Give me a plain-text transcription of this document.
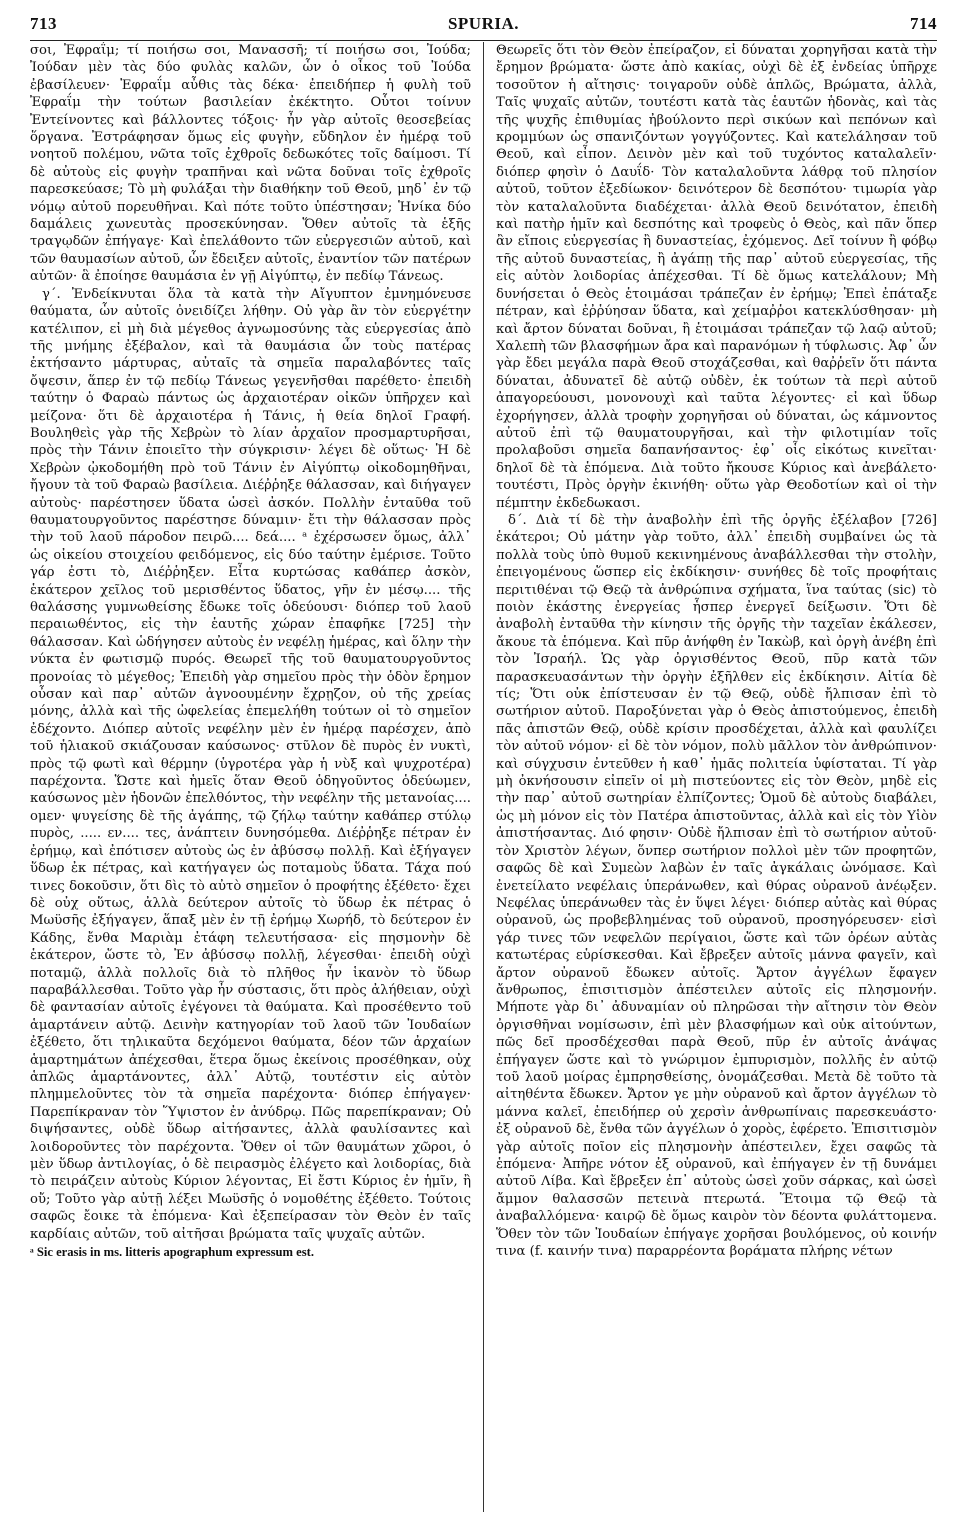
713	SPURIA.	714

σοι, Ἐφραΐμ; τί ποιήσω σοι, Μανασσῆ; τί ποιήσω σοι, Ἰούδα; Ἰούδαν μὲν τὰς δύο φυλὰς καλῶν, ὧν ὁ οἶκος τοῦ Ἰούδα ἐβασίλευεν· Ἐφραΐμ αὖθις τὰς δέκα· ἐπειδήπερ ἡ φυλὴ τοῦ Ἐφραΐμ τὴν τούτων βασιλείαν ἐκέκτητο. Οὗτοι τοίνυν Ἐντείνοντες καὶ βάλλοντες τόξοις· ἦν γὰρ αὐτοῖς θεοσεβείας ὅργανα. Ἐστράφησαν ὅμως εἰς φυγὴν, εὔδηλον ἐν ἡμέρᾳ τοῦ νοητοῦ πολέμου, νῶτα τοῖς ἐχθροῖς δεδωκότες τοῖς δαίμοσι. Τί δὲ αὐτοὺς εἰς φυγὴν τραπῆναι καὶ νῶτα δοῦναι τοῖς ἐχθροῖς παρεσκεύασε; Τὸ μὴ φυλάξαι τὴν διαθήκην τοῦ Θεοῦ, μηδ᾽ ἐν τῷ νόμῳ αὐτοῦ πορευθῆναι. Καὶ πότε τοῦτο ὑπέστησαν; Ἡνίκα δύο δαμάλεις χωνευτὰς προσεκύνησαν. Ὅθεν αὐτοῖς τὰ ἑξῆς τραγῳδῶν ἐπήγαγε· Καὶ ἐπελάθοντο τῶν εὐεργεσιῶν αὐτοῦ, καὶ τῶν θαυμασίων αὐτοῦ, ὧν ἔδειξεν αὐτοῖς, ἐναντίον τῶν πατέρων αὐτῶν· ἃ ἐποίησε θαυμάσια ἐν γῇ Αἰγύπτῳ, ἐν πεδίῳ Τάνεως.

γ΄. Ἐνδείκνυται ὅλα τὰ κατὰ τὴν Αἴγυπτον ἐμνημόνευσε θαύματα, ὧν αὐτοῖς ὀνειδίζει λήθην. Οὐ γὰρ ἂν τὸν εὐεργέτην κατέλιπον, εἰ μὴ διὰ μέγεθος ἀγνωμοσύνης τὰς εὐεργεσίας ἀπὸ τῆς μνήμης ἐξέβαλον, καὶ τὰ θαυμάσια ὧν τοὺς πατέρας ἐκτήσαντο μάρτυρας, αὐταῖς τὰ σημεῖα παραλαβόντες ταῖς ὄψεσιν, ἅπερ ἐν τῷ πεδίῳ Τάνεως γεγενῆσθαι παρέθετο· ἐπειδὴ ταύτην ὁ Φαραὼ πάντως ὡς ἀρχαιοτέραν οἰκῶν ὑπῆρχεν καὶ μείζονα· ὅτι δὲ ἀρχαιοτέρα ἡ Τάνις, ἡ θεία δηλοῖ Γραφή. Βουληθεὶς γὰρ τῆς Χεβρὼν τὸ λίαν ἀρχαῖον προσμαρτυρῆσαι, πρὸς τὴν Τάνιν ἐποιεῖτο τὴν σύγκρισιν· λέγει δὲ οὕτως· Ἡ δὲ Χεβρὼν ᾠκοδομήθη πρὸ τοῦ Τάνιν ἐν Αἰγύπτῳ οἰκοδομηθῆναι, ἤγουν τὰ τοῦ Φαραὼ βασίλεια. Διέῤῥηξε θάλασσαν, καὶ διήγαγεν αὐτοὺς· παρέστησεν ὕδατα ὡσεὶ ἀσκόν. Πολλὴν ἐνταῦθα τοῦ θαυματουργοῦντος παρέστησε δύναμιν· ἔτι τὴν θάλασσαν πρὸς τὴν τοῦ λαοῦ πάροδον πειρῶ.... δεά.... ᵃ ἐχέρσωσεν ὅμως, ἀλλ᾽ ὡς οἰκείου στοιχείου φειδόμενος, εἰς δύο ταύτην ἐμέρισε. Τοῦτο γάρ ἐστι τὸ, Διέῤῥηξεν. Εἶτα κυρτώσας καθάπερ ἀσκὸν, ἑκάτερον χεῖλος τοῦ μερισθέντος ὕδατος, γῆν ἐν μέσῳ.... τῆς θαλάσσης γυμνωθείσης ἔδωκε τοῖς ὁδεύουσι· διόπερ τοῦ λαοῦ περαιωθέντος, εἰς τὴν ἑαυτῆς χώραν ἐπαφῆκε [725] τὴν θάλασσαν. Καὶ ὡδήγησεν αὐτοὺς ἐν νεφέλῃ ἡμέρας, καὶ ὅλην τὴν νύκτα ἐν φωτισμῷ πυρός. Θεωρεῖ τῆς τοῦ θαυματουργοῦντος προνοίας τὸ μέγεθος; Ἐπειδὴ γὰρ σημεῖου πρὸς τὴν ὁδὸν ἔρημον οὖσαν καὶ παρ᾽ αὐτῶν ἀγνοουμένην ἔχρῃζον, οὐ τῆς χρείας μόνης, ἀλλὰ καὶ τῆς ὠφελείας ἐπεμελήθη τούτων οἱ τὸ σημεῖον ἐδέχοντο. Διόπερ αὐτοῖς νεφέλην μὲν ἐν ἡμέρᾳ παρέσχεν, ἀπὸ τοῦ ἡλιακοῦ σκιάζουσαν καύσωνος· στῦλον δὲ πυρὸς ἐν νυκτὶ, πρὸς τῷ φωτὶ καὶ θέρμην (ὑγροτέρα γὰρ ἡ νὺξ καὶ ψυχροτέρα) παρέχοντα. Ὥστε καὶ ἡμεῖς ὅταν Θεοῦ ὁδηγοῦντος ὁδεύωμεν, καύσωνος μὲν ἡδονῶν ἐπελθόντος, τὴν νεφέλην τῆς μετανοίας.... ομεν· ψυγείσης δὲ τῆς ἀγάπης, τῷ ζήλῳ ταύτην καθάπερ στύλῳ πυρὸς, ..... εν.... τες, ἀνάπτειν δυνησόμεθα. Διέῤῥηξε πέτραν ἐν ἐρήμῳ, καὶ ἐπότισεν αὐτοὺς ὡς ἐν ἀβύσσῳ πολλῇ. Καὶ ἐξήγαγεν ὕδωρ ἐκ πέτρας, καὶ κατήγαγεν ὡς ποταμοὺς ὕδατα. Τάχα πού τινες δοκοῦσιν, ὅτι δὶς τὸ αὐτὸ σημεῖον ὁ προφήτης ἐξέθετο· ἔχει δὲ οὐχ οὕτως, ἀλλὰ δεύτερον αὐτοῖς τὸ ὕδωρ ἐκ πέτρας ὁ Μωϋσῆς ἐξήγαγεν, ἅπαξ μὲν ἐν τῇ ἐρήμῳ Χωρήδ, τὸ δεύτερον ἐν Κάδης, ἔνθα Μαριὰμ ἐτάφη τελευτήσασα· εἰς πησμονὴν δὲ ἑκάτερον, ὥστε τὸ, Ἐν ἀβύσσῳ πολλῇ, λέγεσθαι· ἐπειδὴ οὐχὶ ποταμῷ, ἀλλὰ πολλοῖς διὰ τὸ πλῆθος ἦν ἱκανὸν τὸ ὕδωρ παραβάλλεσθαι. Τοῦτο γὰρ ἦν σύστασις, ὅτι πρὸς ἀλήθειαν, οὐχὶ δὲ φαντασίαν αὐτοῖς ἐγέγονει τὰ θαύματα. Καὶ προσέθεντο τοῦ ἁμαρτάνειν αὐτῷ. Δεινὴν κατηγορίαν τοῦ λαοῦ τῶν Ἰουδαίων ἐξέθετο, ὅτι τηλικαῦτα δεχόμενοι θαύματα, δέον τῶν ἀρχαίων ἁμαρτημάτων ἀπέχεσθαι, ἕτερα ὅμως ἐκείνοις προσέθηκαν, οὐχ ἁπλῶς ἁμαρτάνοντες, ἀλλ᾽ Αὐτῷ, τουτέστιν εἰς αὐτὸν πλημμελοῦντες τὸν τὰ σημεῖα παρέχοντα· διόπερ ἐπήγαγεν· Παρεπίκραναν τὸν Ὕψιστον ἐν ἀνύδρῳ. Πῶς παρεπίκραναν; Οὐ διψήσαντες, οὐδὲ ὕδωρ αἰτήσαντες, ἀλλὰ φαυλίσαντες καὶ λοιδοροῦντες τὸν παρέχοντα. Ὅθεν οἱ τῶν θαυμάτων χῶροι, ὁ μὲν ὕδωρ ἀντιλογίας, ὁ δὲ πειρασμὸς ἐλέγετο καὶ λοιδορίας, διὰ τὸ πειράζειν αὐτοὺς Κύριον λέγοντας, Εἰ ἔστι Κύριος ἐν ἡμῖν, ἢ οὔ; Τοῦτο γὰρ αὐτῇ λέξει Μωϋσῆς ὁ νομοθέτης ἐξέθετο. Τούτοις σαφῶς ἔοικε τὰ ἑπόμενα· Καὶ ἐξεπείρασαν τὸν Θεὸν ἐν ταῖς καρδίαις αὐτῶν, τοῦ αἰτῆσαι βρώματα ταῖς ψυχαῖς αὐτῶν.

ᵃ Sic erasis in ms. litteris apographum expressum est.

Θεωρεῖς ὅτι τὸν Θεὸν ἐπείραζον, εἰ δύναται χορηγῆσαι κατὰ τὴν ἔρημον βρώματα· ὥστε ἀπὸ κακίας, οὐχὶ δὲ ἐξ ἐνδείας ὑπῆρχε τοσοῦτον ἡ αἴτησις· τοιγαροῦν οὐδὲ ἁπλῶς, Βρώματα, ἀλλὰ, Ταῖς ψυχαῖς αὐτῶν, τουτέστι κατὰ τὰς ἑαυτῶν ἡδονὰς, καὶ τὰς τῆς ψυχῆς ἐπιθυμίας ἠβούλοντο περὶ σικύων καὶ πεπόνων καὶ κρομμύων ὡς σπανιζόντων γογγύζοντες. Καὶ κατελάλησαν τοῦ Θεοῦ, καὶ εἶπον. Δεινὸν μὲν καὶ τοῦ τυχόντος καταλαλεῖν· διόπερ φησὶν ὁ Δαυΐδ· Τὸν καταλαλοῦντα λάθρᾳ τοῦ πλησίον αὐτοῦ, τοῦτον ἐξεδίωκον· δεινότερον δὲ δεσπότου· τιμωρία γὰρ τὸν καταλαλοῦντα διαδέχεται· ἀλλὰ Θεοῦ δεινότατον, ἐπειδὴ καὶ πατὴρ ἡμῖν καὶ δεσπότης καὶ τροφεὺς ὁ Θεὸς, καὶ πᾶν ὅπερ ἂν εἴποις εὐεργεσίας ἢ δυναστείας, ἐχόμενος. Δεῖ τοίνυν ἢ φόβῳ τῆς αὐτοῦ δυναστείας, ἢ ἀγάπῃ τῆς παρ᾽ αὐτοῦ εὐεργεσίας, τῆς εἰς αὐτὸν λοιδορίας ἀπέχεσθαι. Τί δὲ ὅμως κατελάλουν; Μὴ δυνήσεται ὁ Θεὸς ἑτοιμάσαι τράπεζαν ἐν ἐρήμῳ; Ἐπεὶ ἐπάταξε πέτραν, καὶ ἐῤῥύησαν ὕδατα, καὶ χείμαῤῥοι κατεκλύσθησαν· μὴ καὶ ἄρτον δύναται δοῦναι, ἢ ἑτοιμάσαι τράπεζαν τῷ λαῷ αὐτοῦ; Χαλεπὴ τῶν βλασφήμων ἄρα καὶ παρανόμων ἡ τύφλωσις. Ἀφ᾽ ὧν γὰρ ἔδει μεγάλα παρὰ Θεοῦ στοχάζεσθαι, καὶ θαῤῥεῖν ὅτι πάντα δύναται, ἀδυνατεῖ δὲ αὐτῷ οὐδὲν, ἐκ τούτων τὰ περὶ αὐτοῦ ἀπαγορεύουσι, μονονουχὶ καὶ ταῦτα λέγοντες· εἰ καὶ ὕδωρ ἐχορήγησεν, ἀλλὰ τροφὴν χορηγῆσαι οὐ δύναται, ὡς κάμνοντος αὐτοῦ ἐπὶ τῷ θαυματουργῆσαι, καὶ τὴν φιλοτιμίαν τοῖς προλαβοῦσι σημεῖα δαπανήσαντος· ἐφ᾽ οἷς εἰκότως κινεῖται· δηλοῖ δὲ τὰ ἑπόμενα. Διὰ τοῦτο ἤκουσε Κύριος καὶ ἀνεβάλετο· τουτέστι, Πρὸς ὀργὴν ἐκινήθη· οὕτω γὰρ Θεοδοτίων καὶ οἱ τὴν πέμπτην ἐκδεδωκασι.

δ΄. Διὰ τί δὲ τὴν ἀναβολὴν ἐπὶ τῆς ὀργῆς ἐξέλαβον [726] ἑκάτεροι; Οὐ μάτην γὰρ τοῦτο, ἀλλ᾽ ἐπειδὴ συμβαίνει ὡς τὰ πολλὰ τοὺς ὑπὸ θυμοῦ κεκινημένους ἀναβάλλεσθαι τὴν στολὴν, ἐπειγομένους ὥσπερ εἰς ἐκδίκησιν· συνήθες δὲ τοῖς προφήταις περιτιθέναι τῷ Θεῷ τὰ ἀνθρώπινα σχήματα, ἵνα ταύτας (sic) τὸ ποιὸν ἑκάστης ἐνεργείας ἧσπερ ἐνεργεῖ δείξωσιν. Ὅτι δὲ ἀναβολὴ ἐνταῦθα τὴν κίνησιν τῆς ὀργῆς τὴν ταχεῖαν ἐκάλεσεν, ἄκουε τὰ ἑπόμενα. Καὶ πῦρ ἀνήφθη ἐν Ἰακὼβ, καὶ ὀργὴ ἀνέβη ἐπὶ τὸν Ἰσραήλ. Ὡς γὰρ ὀργισθέντος Θεοῦ, πῦρ κατὰ τῶν παρασκευασάντων τὴν ὀργὴν ἐξῆλθεν εἰς ἐκδίκησιν. Αἰτία δὲ τίς; Ὅτι οὐκ ἐπίστευσαν ἐν τῷ Θεῷ, οὐδὲ ἤλπισαν ἐπὶ τὸ σωτήριον αὐτοῦ. Παροξύνεται γὰρ ὁ Θεὸς ἀπιστούμενος, ἐπειδὴ πᾶς ἀπιστῶν Θεῷ, οὐδὲ κρίσιν προσδέχεται, ἀλλὰ καὶ φαυλίζει τὸν αὐτοῦ νόμον· εἰ δὲ τὸν νόμον, πολὺ μᾶλλον τὸν ἀνθρώπινον· καὶ σύγχυσιν ἐντεῦθεν ἡ καθ᾽ ἡμᾶς πολιτεία ὑφίσταται. Τί γὰρ μὴ ὀκνήσουσιν εἰπεῖν οἱ μὴ πιστεύοντες εἰς τὸν Θεὸν, μηδὲ εἰς τὴν παρ᾽ αὐτοῦ σωτηρίαν ἐλπίζοντες; Ὁμοῦ δὲ αὐτοὺς διαβάλει, ὡς μὴ μόνον εἰς τὸν Πατέρα ἀπιστοῦντας, ἀλλὰ καὶ εἰς τὸν Υἱὸν ἀπιστήσαντας. Διό φησιν· Οὐδὲ ἤλπισαν ἐπὶ τὸ σωτήριον αὐτοῦ· τὸν Χριστὸν λέγων, ὅνπερ σωτήριον πολλοὶ μὲν τῶν προφητῶν, σαφῶς δὲ καὶ Συμεὼν λαβὼν ἐν ταῖς ἀγκάλαις ὠνόμασε. Καὶ ἐνετείλατο νεφέλαις ὑπεράνωθεν, καὶ θύρας οὐρανοῦ ἀνέῳξεν. Νεφέλας ὑπεράνωθεν τὰς ἐν ὕψει λέγει· διόπερ αὐτὰς καὶ θύρας οὐρανοῦ, ὡς προβεβλημένας τοῦ οὐρανοῦ, προσηγόρευσεν· εἰσὶ γάρ τινες τῶν νεφελῶν περίγαιοι, ὥστε καὶ τῶν ὀρέων αὐτὰς κατωτέρας εὑρίσκεσθαι. Καὶ ἔβρεξεν αὐτοῖς μάννα φαγεῖν, καὶ ἄρτον οὐρανοῦ ἔδωκεν αὐτοῖς. Ἄρτον ἀγγέλων ἔφαγεν ἄνθρωπος, ἐπισιτισμὸν ἀπέστειλεν αὐτοῖς εἰς πλησμονήν. Μήποτε γὰρ δι᾽ ἀδυναμίαν οὐ πληρῶσαι τὴν αἴτησιν τὸν Θεὸν ὀργισθῆναι νομίσωσιν, ἐπὶ μὲν βλασφήμων καὶ οὐκ αἰτούντων, πῶς δεῖ προσδέχεσθαι παρὰ Θεοῦ, πῦρ ἐν αὐτοῖς ἀνάψας ἐπήγαγεν ὥστε καὶ τὸ γνώριμον ἐμπυρισμὸν, πολλῆς ἐν αὐτῷ τοῦ λαοῦ μοίρας ἐμπρησθείσης, ὀνομάζεσθαι. Μετὰ δὲ τοῦτο τὰ αἰτηθέντα ἔδωκεν. Ἄρτον γε μὴν οὐρανοῦ καὶ ἄρτον ἀγγέλων τὸ μάννα καλεῖ, ἐπειδήπερ οὐ χερσὶν ἀνθρωπίναις παρεσκευάστο· ἐξ οὐρανοῦ δὲ, ἔνθα τῶν ἀγγέλων ὁ χορὸς, ἐφέρετο. Ἐπισιτισμὸν γὰρ αὐτοῖς ποῖον εἰς πλησμονὴν ἀπέστειλεν, ἔχει σαφῶς τὰ ἑπόμενα· Ἀπῆρε νότον ἐξ οὐρανοῦ, καὶ ἐπήγαγεν ἐν τῇ δυνάμει αὐτοῦ Λίβα. Καὶ ἔβρεξεν ἐπ᾽ αὐτοὺς ὡσεὶ χοῦν σάρκας, καὶ ὡσεὶ ἄμμον θαλασσῶν πετεινὰ πτερωτά. Ἕτοιμα τῷ Θεῷ τὰ ἀναβαλλόμενα· καιρῷ δὲ ὅμως καιρὸν τὸν δέοντα φυλάττομενα. Ὅθεν τὸν τῶν Ἰουδαίων ἐπήγαγε χορῆσαι βουλόμενος, οὐ κοινήν τινα (f. καινήν τινα) παραρρέοντα βοράματα πλήρης νέτων
